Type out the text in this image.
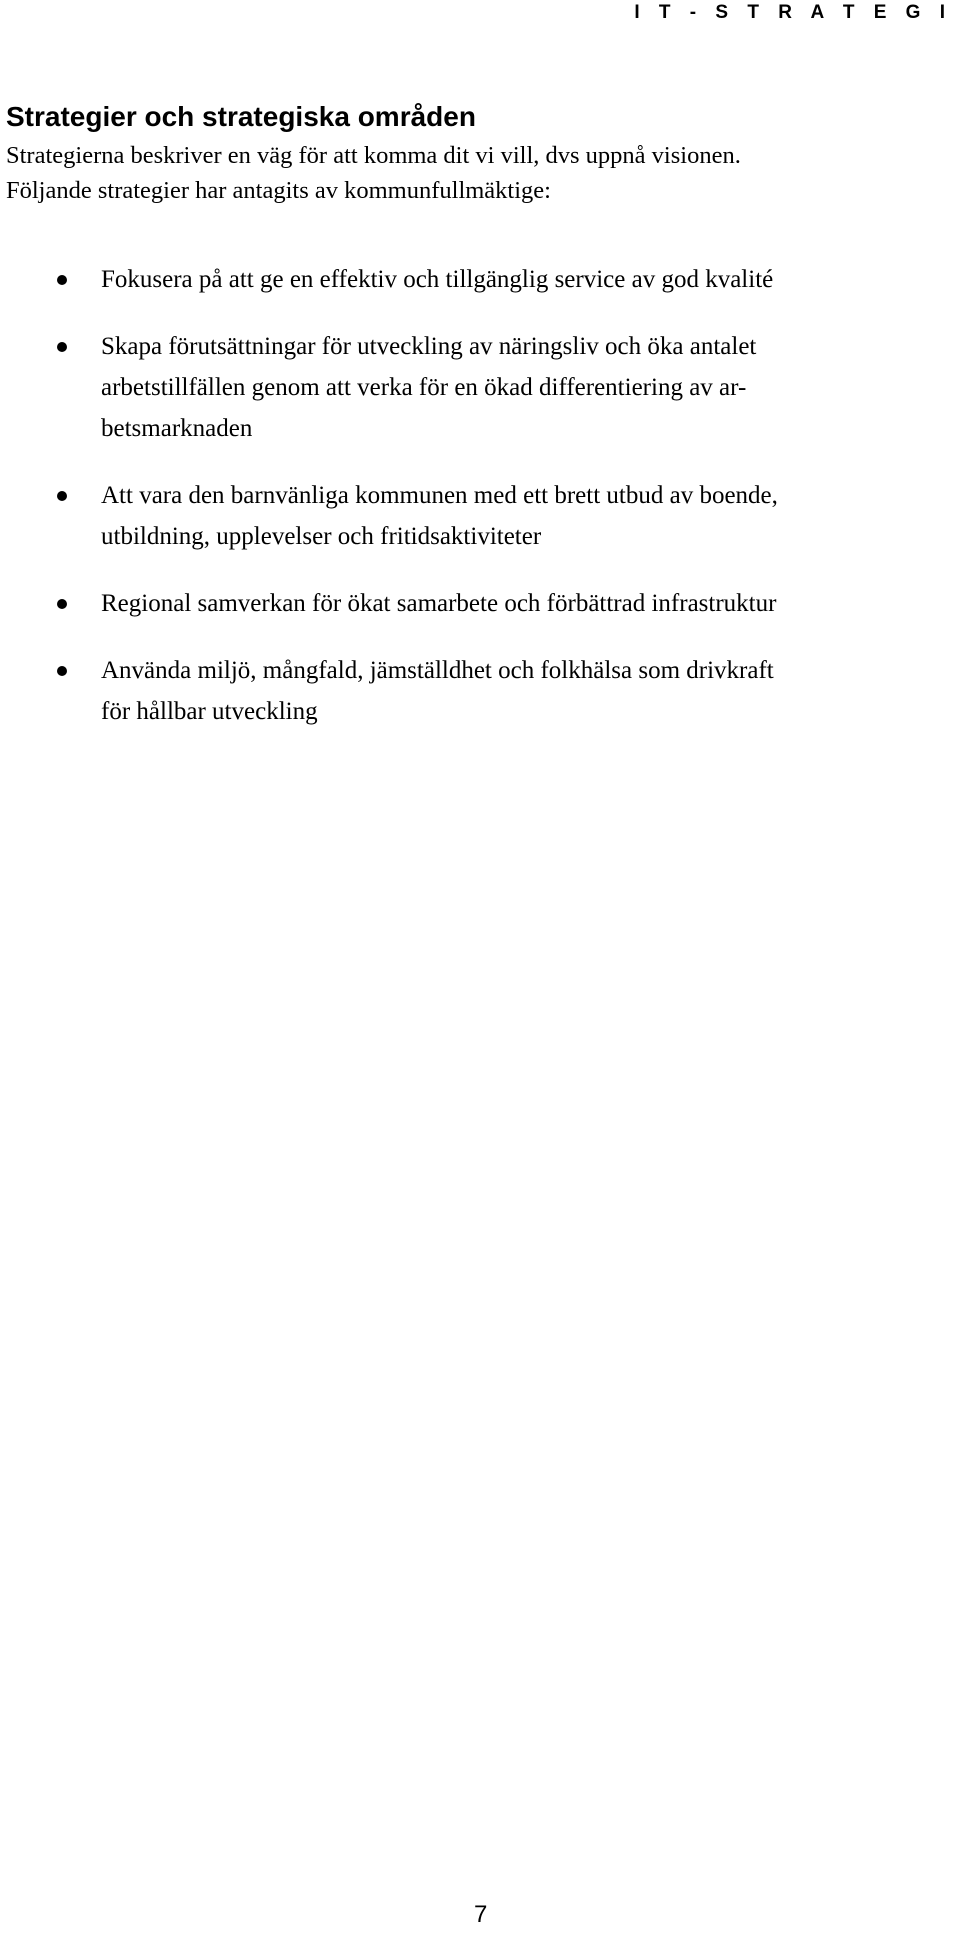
I T - S T R A T E G I
Strategier och strategiska områden

Strategierna beskriver en väg för att komma dit vi vill, dvs uppnå visionen.
Följande strategier har antagits av kommunfullmäktige:

Fokusera på att ge en effektiv och tillgänglig service av god kvalité
Skapa förutsättningar för utveckling av näringsliv och öka antalet
arbetstillfällen genom att verka för en ökad differentiering av ar-
betsmarknaden
Att vara den barnvänliga kommunen med ett brett utbud av boende,
utbildning, upplevelser och fritidsaktiviteter
Regional samverkan för ökat samarbete och förbättrad infrastruktur
Använda miljö, mångfald, jämställdhet och folkhälsa som drivkraft
för hållbar utveckling
7
